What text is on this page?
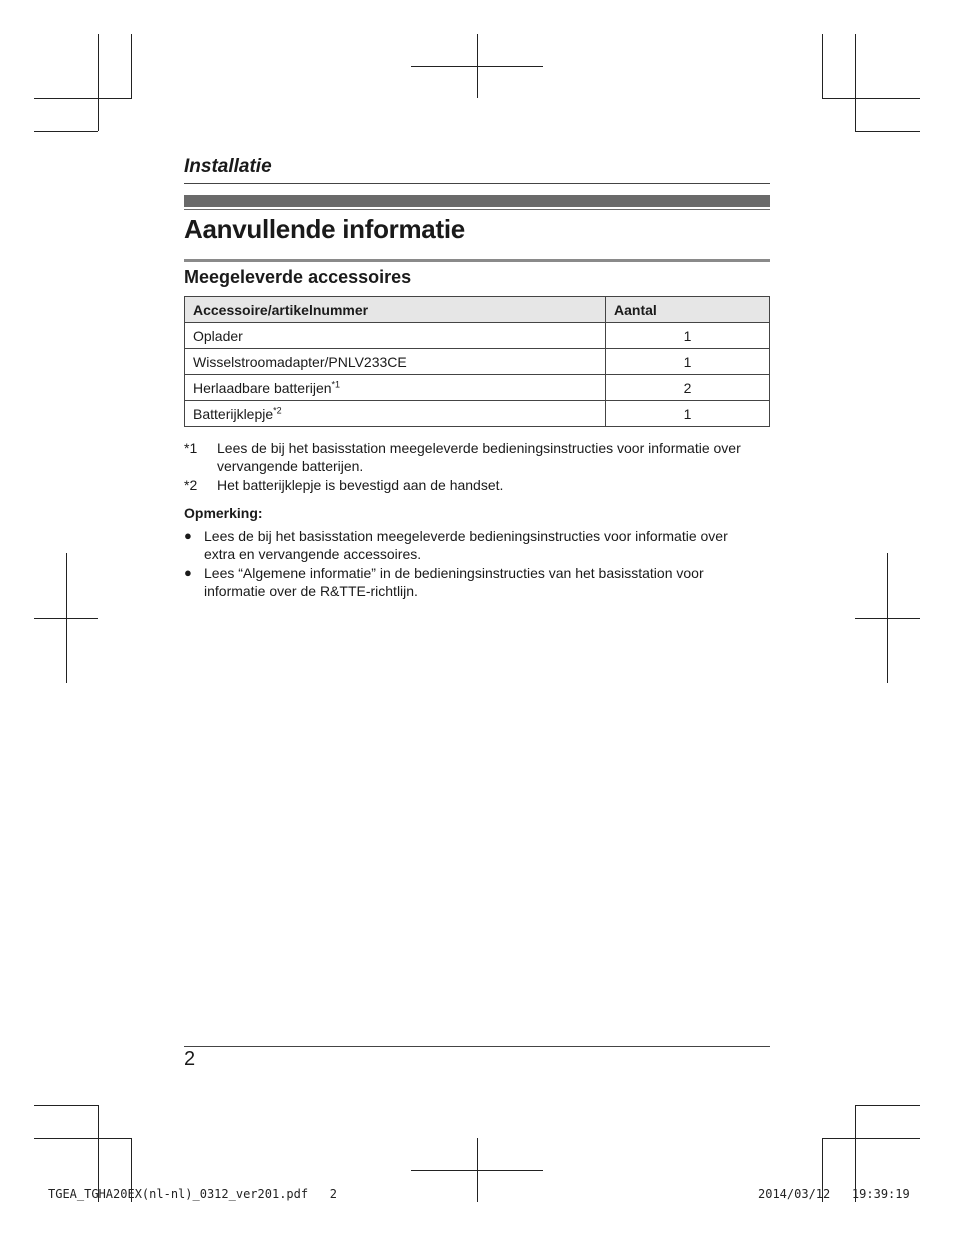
Installatie
Aanvullende informatie
Meegeleverde accessoires
Accessoire/artikelnummer	Aantal
Oplader	1
Wisselstroomadapter/PNLV233CE	1
Herlaadbare batterijen$^{*1}$	2
Batterijklepje$^{*2}$	1
*1	Lees de bij het basisstation meegeleverde bedieningsinstructies voor informatie over vervangende batterijen.
*2	Het batterijklepje is bevestigd aan de handset.
Opmerking:
● Lees de bij het basisstation meegeleverde bedieningsinstructies voor informatie over extra en vervangende accessoires.
● Lees “Algemene informatie” in de bedieningsinstructies van het basisstation voor informatie over de R&TTE-richtlijn.
2
TGEA_TGHA20EX(nl-nl)_0312_ver201.pdf   2	2014/03/12   19:39:19
